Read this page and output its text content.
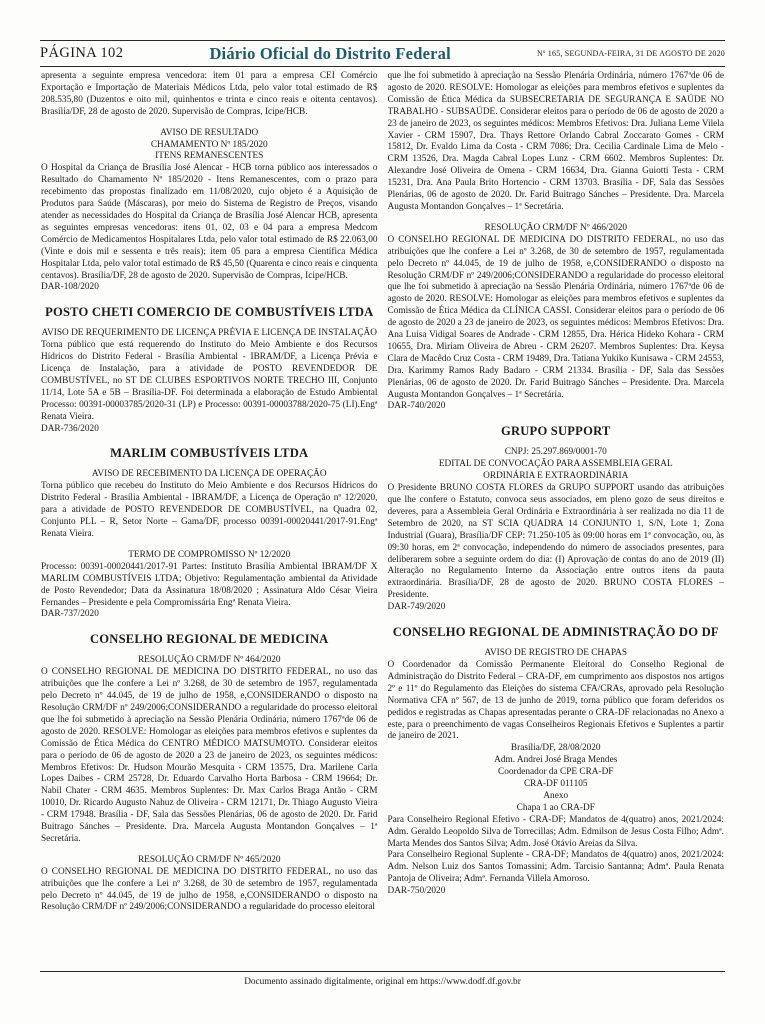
PÁGINA 102	Diário Oficial do Distrito Federal	Nº 165, SEGUNDA-FEIRA, 31 DE AGOSTO DE 2020
apresenta a seguinte empresa vencedora: item 01 para a empresa CEI Comércio Exportação e Importação de Materiais Médicos Ltda, pelo valor total estimado de R$ 208.535,80 (Duzentos e oito mil, quinhentos e trinta e cinco reais e oitenta centavos). Brasília/DF, 28 de agosto de 2020. Supervisão de Compras, Icipe/HCB.
AVISO DE RESULTADO
CHAMAMENTO Nº 185/2020
ITENS REMANESCENTES
O Hospital da Criança de Brasília José Alencar - HCB torna público aos interessados o Resultado do Chamamento Nº 185/2020 - Itens Remanescentes, com o prazo para recebimento das propostas finalizado em 11/08/2020, cujo objeto é a Aquisição de Produtos para Saúde (Máscaras), por meio do Sistema de Registro de Preços, visando atender as necessidades do Hospital da Criança de Brasília José Alencar HCB, apresenta as seguintes empresas vencedoras: itens 01, 02, 03 e 04 para a empresa Medcom Comércio de Medicamentos Hospitalares Ltda, pelo valor total estimado de R$ 22.063,00 (Vinte e dois mil e sessenta e três reais); item 05 para a empresa Científica Médica Hospitalar Ltda, pelo valor total estimado de R$ 45,50 (Quarenta e cinco reais e cinquenta centavos). Brasília/DF, 28 de agosto de 2020. Supervisão de Compras, Icipe/HCB.
DAR-108/2020
POSTO CHETI COMERCIO DE COMBUSTÍVEIS LTDA
AVISO DE REQUERIMENTO DE LICENÇA PRÉVIA E LICENÇA DE INSTALAÇÃO
Torna público que está requerendo do Instituto do Meio Ambiente e dos Recursos Hídricos do Distrito Federal - Brasília Ambiental - IBRAM/DF, a Licença Prévia e Licença de Instalação, para a atividade de POSTO REVENDEDOR DE COMBUSTÍVEL, no ST DE CLUBES ESPORTIVOS NORTE TRECHO III, Conjunto 11/14, Lote 5A e 5B – Brasília-DF. Foi determinada a elaboração de Estudo Ambiental Processo: 00391-00003785/2020-31 (LP) e Processo: 00391-00003788/2020-75 (LI).Engª Renata Vieira.
DAR-736/2020
MARLIM COMBUSTÍVEIS LTDA
AVISO DE RECEBIMENTO DA LICENÇA DE OPERAÇÃO
Torna público que recebeu do Instituto do Meio Ambiente e dos Recursos Hídricos do Distrito Federal - Brasília Ambiental - IBRAM/DF, a Licença de Operação nº 12/2020, para a atividade de POSTO REVENDEDOR DE COMBUSTÍVEL, na Quadra 02, Conjunto PLL – R, Setor Norte – Gama/DF, processo 00391-00020441/2017-91.Engª Renata Vieira.
TERMO DE COMPROMISSO Nº 12/2020
Processo: 00391-00020441/2017-91 Partes: Instituto Brasília Ambiental IBRAM/DF X MARLIM COMBUSTÍVEIS LTDA; Objetivo: Regulamentação ambiental da Atividade de Posto Revendedor; Data da Assinatura 18/08/2020 ; Assinatura Aldo César Vieira Fernandes – Presidente e pela Compromissária Engª Renata Vieira.
DAR-737/2020
CONSELHO REGIONAL DE MEDICINA
RESOLUÇÃO CRM/DF Nº 464/2020
O CONSELHO REGIONAL DE MEDICINA DO DISTRITO FEDERAL, no uso das atribuições que lhe confere a Lei nº 3.268, de 30 de setembro de 1957, regulamentada pelo Decreto nº 44.045, de 19 de julho de 1958, e,CONSIDERANDO o disposto na Resolução CRM/DF nº 249/2006;CONSIDERANDO a regularidade do processo eleitoral que lhe foi submetido à apreciação na Sessão Plenária Ordinária, número 1767ªde 06 de agosto de 2020. RESOLVE: Homologar as eleições para membros efetivos e suplentes da Comissão de Ética Médica do CENTRO MÉDICO MATSUMOTO. Considerar eleitos para o período de 06 de agosto de 2020 a 23 de janeiro de 2023, os seguintes médicos: Membros Efetivos: Dr. Hudson Mourão Mesquita - CRM 13575, Dra. Marilene Carla Lopes Daibes - CRM 25728, Dr. Eduardo Carvalho Horta Barbosa - CRM 19664; Dr. Nabil Chater - CRM 4635. Membros Suplentes: Dr. Max Carlos Braga Antão - CRM 10010, Dr. Ricardo Augusto Nahuz de Oliveira - CRM 12171, Dr. Thiago Augusto Vieira - CRM 17948. Brasília - DF, Sala das Sessões Plenárias, 06 de agosto de 2020. Dr. Farid Buitrago Sánches – Presidente. Dra. Marcela Augusta Montandon Gonçalves – 1ª Secretária.
RESOLUÇÃO CRM/DF Nº 465/2020
O CONSELHO REGIONAL DE MEDICINA DO DISTRITO FEDERAL, no uso das atribuições que lhe confere a Lei nº 3.268, de 30 de setembro de 1957, regulamentada pelo Decreto nº 44.045, de 19 de julho de 1958, e,CONSIDERANDO o disposto na Resolução CRM/DF nº 249/2006;CONSIDERANDO a regularidade do processo eleitoral
que lhe foi submetido à apreciação na Sessão Plenária Ordinária, número 1767ªde 06 de agosto de 2020. RESOLVE: Homologar as eleições para membros efetivos e suplentes da Comissão de Ética Médica da SUBSECRETARIA DE SEGURANÇA E SAÚDE NO TRABALHO - SUBSAÚDE. Considerar eleitos para o período de 06 de agosto de 2020 a 23 de janeiro de 2023, os seguintes médicos: Membros Efetivos: Dra. Juliana Leme Vilela Xavier - CRM 15907, Dra. Thays Rettore Orlando Cabral Zoccarato Gomes - CRM 15812, Dr. Evaldo Lima da Costa - CRM 7086; Dra. Cecilia Cardinale Lima de Melo - CRM 13526, Dra. Magda Cabral Lopes Lunz - CRM 6602. Membros Suplentes: Dr. Alexandre José Oliveira de Omena - CRM 16634, Dra. Gianna Guiotti Testa - CRM 15231, Dra. Ana Paula Brito Hortencio - CRM 13703. Brasília - DF, Sala das Sessões Plenárias, 06 de agosto de 2020. Dr. Farid Buitrago Sánches – Presidente. Dra. Marcela Augusta Montandon Gonçalves – 1ª Secretária.
RESOLUÇÃO CRM/DF Nº 466/2020
O CONSELHO REGIONAL DE MEDICINA DO DISTRITO FEDERAL, no uso das atribuições que lhe confere a Lei nº 3.268, de 30 de setembro de 1957, regulamentada pelo Decreto nº 44.045, de 19 de julho de 1958, e,CONSIDERANDO o disposto na Resolução CRM/DF nº 249/2006;CONSIDERANDO a regularidade do processo eleitoral que lhe foi submetido à apreciação na Sessão Plenária Ordinária, número 1767ªde 06 de agosto de 2020. RESOLVE: Homologar as eleições para membros efetivos e suplentes da Comissão de Ética Médica da CLÍNICA CASSI. Considerar eleitos para o período de 06 de agosto de 2020 a 23 de janeiro de 2023, os seguintes médicos: Membros Efetivos: Dra. Ana Luísa Vidigal Soares de Andrade - CRM 12855, Dra. Hérica Hideko Kohara - CRM 10655, Dra. Miriam Oliveira de Abreu - CRM 26207. Membros Suplentes: Dra. Keysa Clara de Macêdo Cruz Costa - CRM 19489, Dra. Tatiana Yukiko Kunisawa - CRM 24553, Dra. Karimmy Ramos Rady Badaro - CRM 21334. Brasília - DF, Sala das Sessões Plenárias, 06 de agosto de 2020. Dr. Farid Buitrago Sánches – Presidente. Dra. Marcela Augusta Montandon Gonçalves – 1ª Secretária.
DAR-740/2020
GRUPO SUPPORT
CNPJ: 25.297.869/0001-70
EDITAL DE CONVOCAÇÃO PARA ASSEMBLEIA GERAL
ORDINÁRIA E EXTRAORDINÁRIA
O Presidente BRUNO COSTA FLORES da GRUPO SUPPORT usando das atribuições que lhe confere o Estatuto, convoca seus associados, em pleno gozo de seus direitos e deveres, para a Assembleia Geral Ordinária e Extraordinária à ser realizada no dia 11 de Setembro de 2020, na ST SCIA QUADRA 14 CONJUNTO 1, S/N, Lote 1, Zona Industrial (Guara), Brasília/DF CEP: 71.250-105 às 09:00 horas em 1ª convocação, ou, às 09:30 horas, em 2ª convocação, independendo do número de associados presentes, para deliberarem sobre a seguinte ordem do dia: (I) Aprovação de contas do ano de 2019 (II) Alteração no Regulamento Interno da Associação entre outros itens da pauta extraordinária. Brasília/DF, 28 de agosto de 2020. BRUNO COSTA FLORES – Presidente.
DAR-749/2020
CONSELHO REGIONAL DE ADMINISTRAÇÃO DO DF
AVISO DE REGISTRO DE CHAPAS
O Coordenador da Comissão Permanente Eleitoral do Conselho Regional de Administração do Distrito Federal – CRA-DF, em cumprimento aos dispostos nos artigos 2º e 11º do Regulamento das Eleições do sistema CFA/CRAs, aprovado pela Resolução Normativa CFA nº 567, de 13 de junho de 2019, torna público que foram deferidos os pedidos e registradas as Chapas apresentadas perante o CRA-DF relacionadas no Anexo a este, para o preenchimento de vagas Conselheiros Regionais Efetivos e Suplentes a partir de janeiro de 2021.
Brasília/DF, 28/08/2020
Adm. Andrei José Braga Mendes
Coordenador da CPE CRA-DF
CRA-DF 011105
Anexo
Chapa 1 ao CRA-DF
Para Conselheiro Regional Efetivo - CRA-DF; Mandatos de 4(quatro) anos, 2021/2024: Adm. Geraldo Leopoldo Silva de Torrecillas; Adm. Edmilson de Jesus Costa Filho; Admª. Marta Mendes dos Santos Silva; Adm. José Otávio Areias da Silva.
Para Conselheiro Regional Suplente - CRA-DF; Mandatos de 4(quatro) anos, 2021/2024: Adm. Nelson Luiz dos Santos Tomassini; Adm. Tarcisio Santanna; Admª. Paula Renata Pantoja de Oliveira; Admª. Fernanda Villela Amoroso.
DAR-750/2020
Documento assinado digitalmente, original em https://www.dodf.df.gov.br
